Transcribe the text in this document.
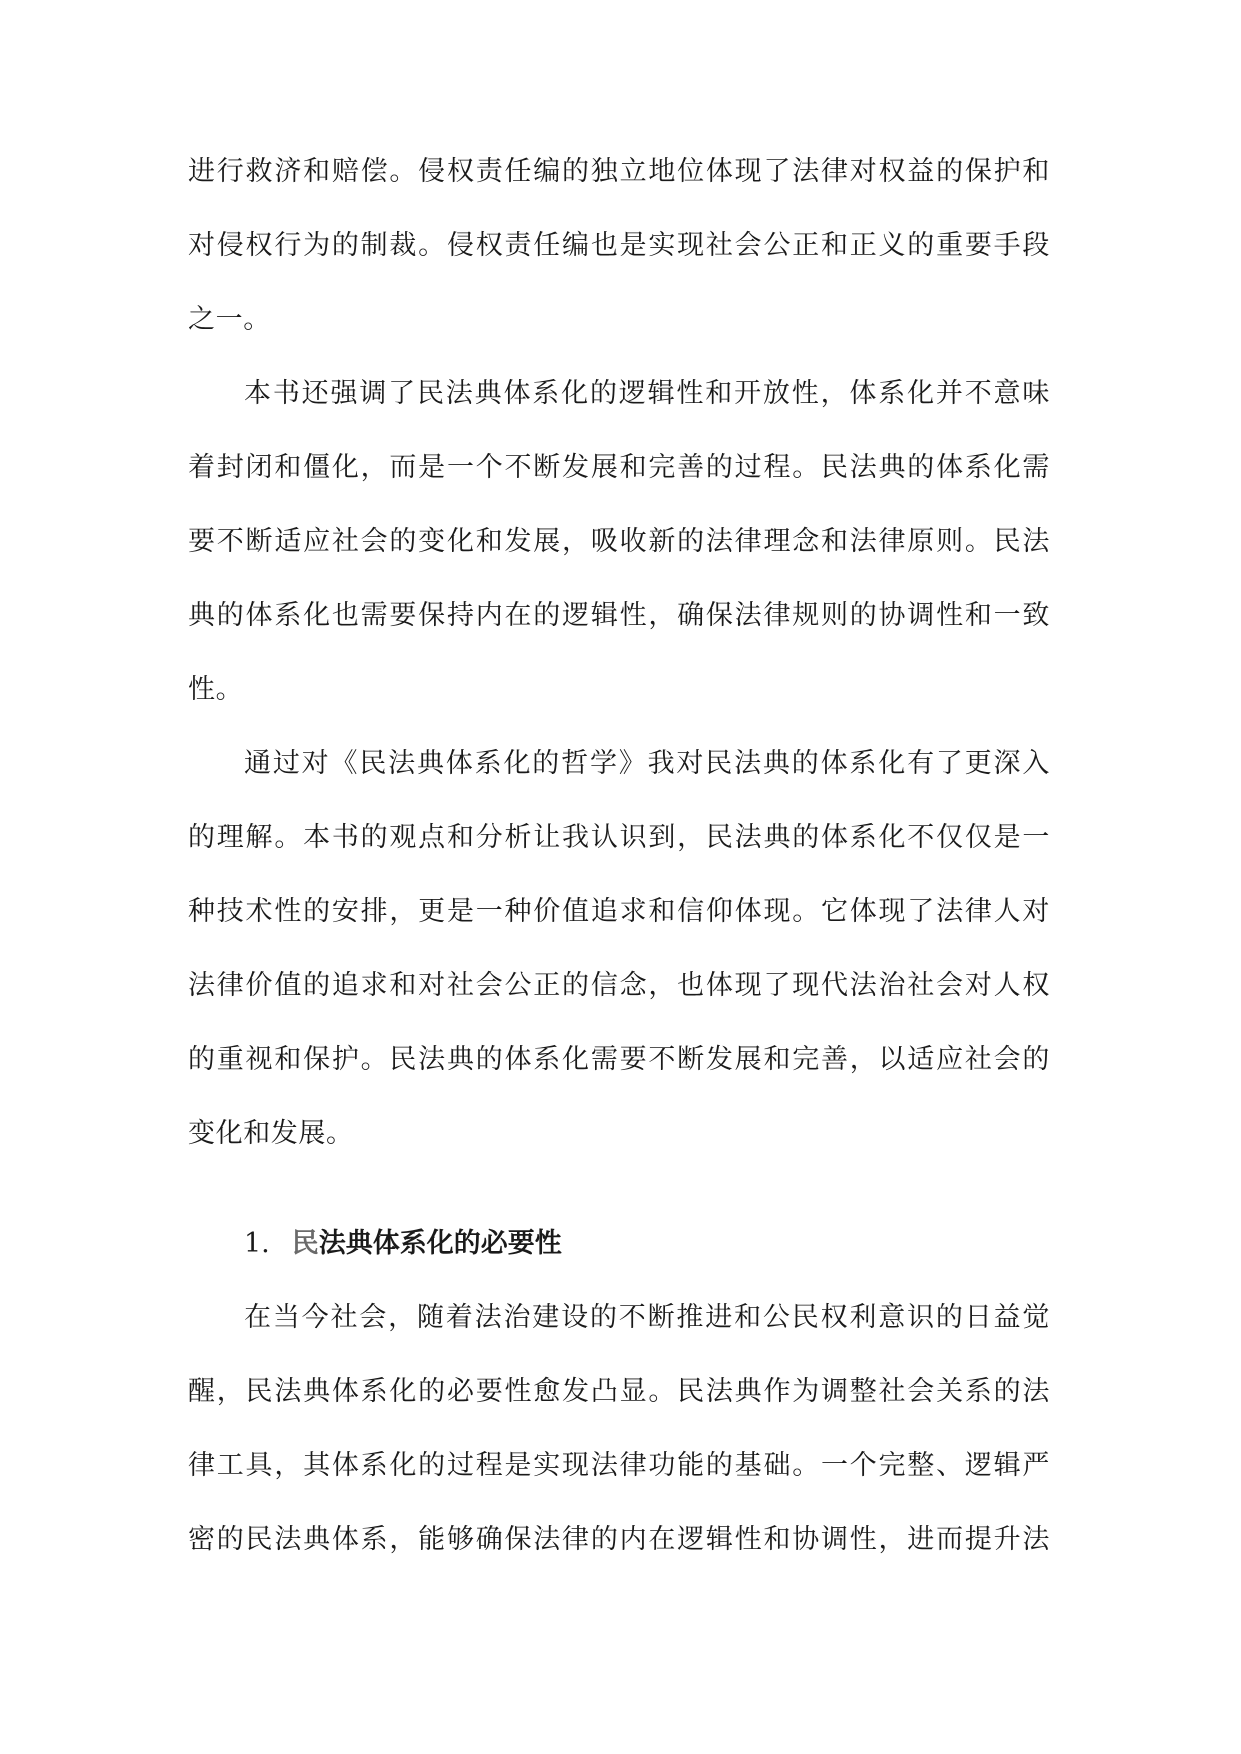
进行救济和赔偿。侵权责任编的独立地位体现了法律对权益的保护和
对侵权行为的制裁。侵权责任编也是实现社会公正和正义的重要手段
之一。
本书还强调了民法典体系化的逻辑性和开放性，体系化并不意味
着封闭和僵化，而是一个不断发展和完善的过程。民法典的体系化需
要不断适应社会的变化和发展，吸收新的法律理念和法律原则。民法
典的体系化也需要保持内在的逻辑性，确保法律规则的协调性和一致
性。
通过对《民法典体系化的哲学》我对民法典的体系化有了更深入
的理解。本书的观点和分析让我认识到，民法典的体系化不仅仅是一
种技术性的安排，更是一种价值追求和信仰体现。它体现了法律人对
法律价值的追求和对社会公正的信念，也体现了现代法治社会对人权
的重视和保护。民法典的体系化需要不断发展和完善，以适应社会的
变化和发展。
1. 民法典体系化的必要性
在当今社会，随着法治建设的不断推进和公民权利意识的日益觉
醒，民法典体系化的必要性愈发凸显。民法典作为调整社会关系的法
律工具，其体系化的过程是实现法律功能的基础。一个完整、逻辑严
密的民法典体系，能够确保法律的内在逻辑性和协调性，进而提升法
